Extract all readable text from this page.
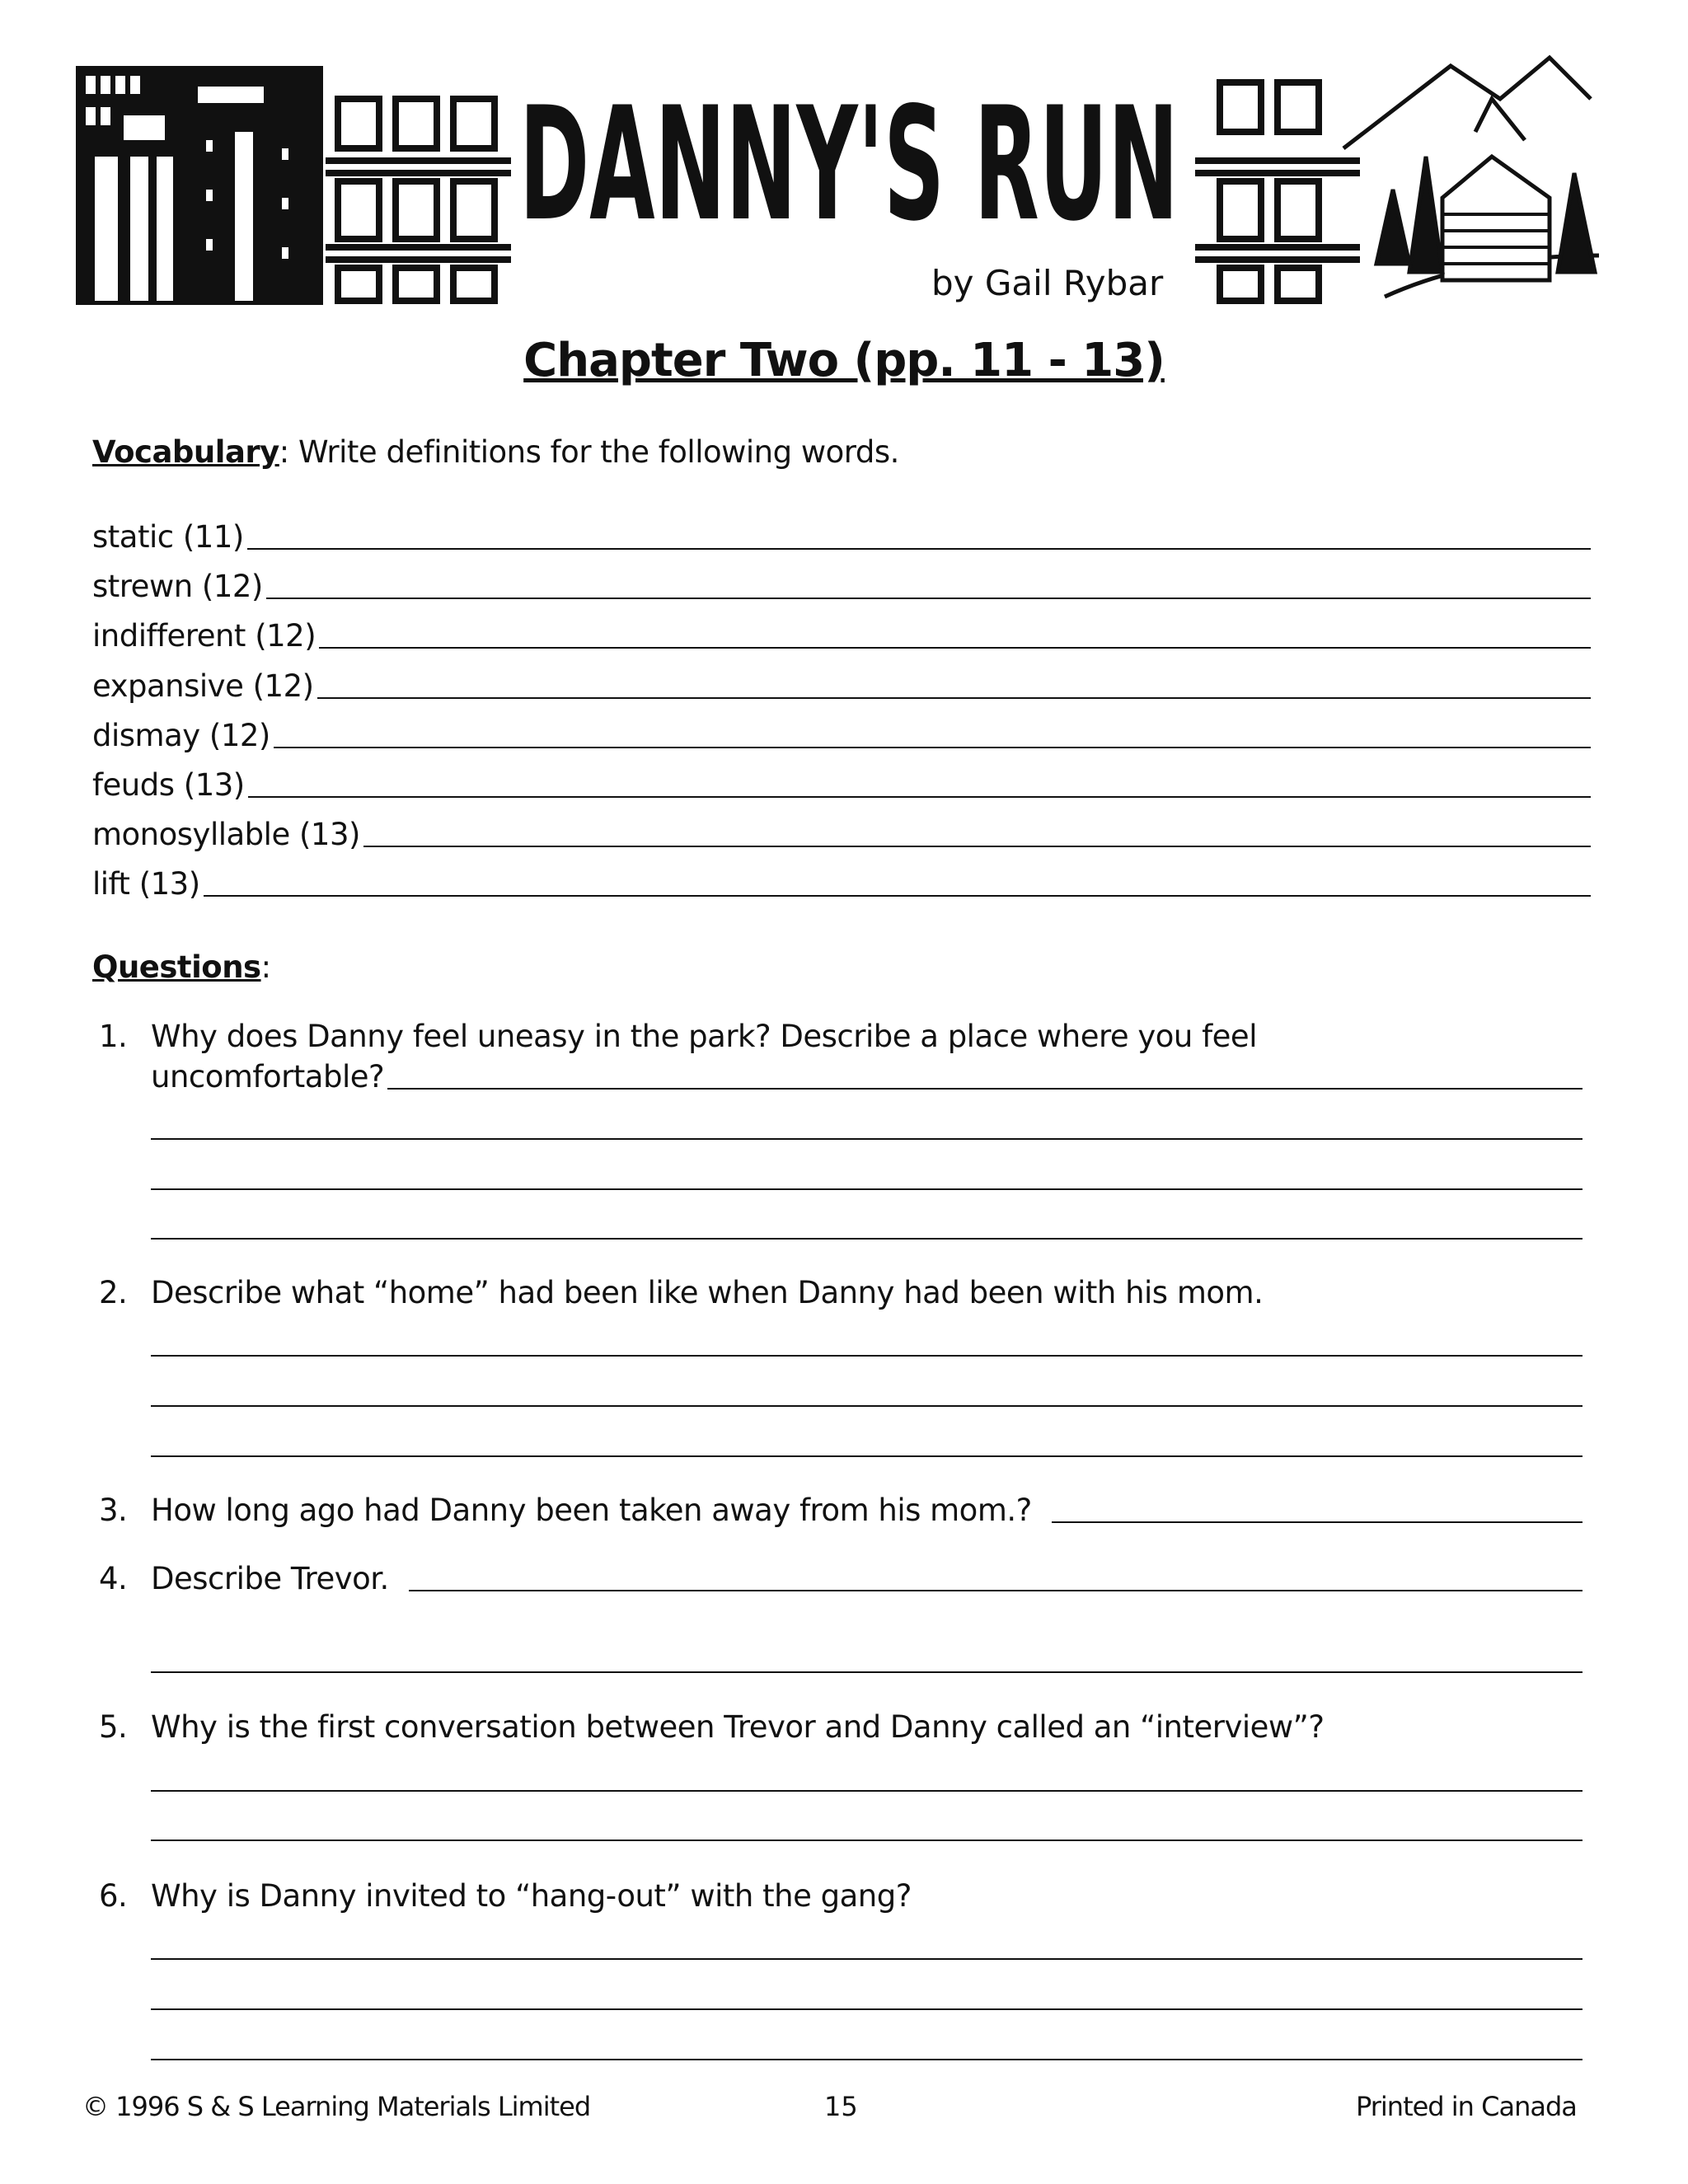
DANNY'S RUN
by Gail Rybar
Chapter Two (pp. 11 - 13)
Vocabulary: Write definitions for the following words.
static (11)
strewn (12)
indifferent (12)
expansive (12)
dismay (12)
feuds (13)
monosyllable (13)
lift (13)
Questions:
1. Why does Danny feel uneasy in the park? Describe a place where you feel
uncomfortable?
2. Describe what “home” had been like when Danny had been with his mom.
3. How long ago had Danny been taken away from his mom.?
4. Describe Trevor.
5. Why is the first conversation between Trevor and Danny called an “interview”?
6. Why is Danny invited to “hang-out” with the gang?
© 1996 S & S Learning Materials Limited	15	Printed in Canada
